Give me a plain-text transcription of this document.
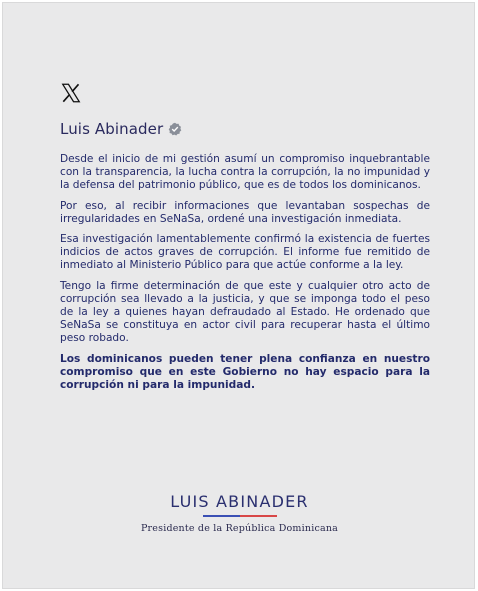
Luis Abinader

Desde el inicio de mi gestión asumí un compromiso inquebrantable con la transparencia, la lucha contra la corrupción, la no impunidad y la defensa del patrimonio público, que es de todos los dominicanos.

Por eso, al recibir informaciones que levantaban sospechas de irregularidades en SeNaSa, ordené una investigación inmediata.

Esa investigación lamentablemente confirmó la existencia de fuertes indicios de actos graves de corrupción. El informe fue remitido de inmediato al Ministerio Público para que actúe conforme a la ley.

Tengo la firme determinación de que este y cualquier otro acto de corrupción sea llevado a la justicia, y que se imponga todo el peso de la ley a quienes hayan defraudado al Estado. He ordenado que SeNaSa se constituya en actor civil para recuperar hasta el último peso robado.

Los dominicanos pueden tener plena confianza en nuestro compromiso que en este Gobierno no hay espacio para la corrupción ni para la impunidad.

LUIS ABINADER
Presidente de la República Dominicana
